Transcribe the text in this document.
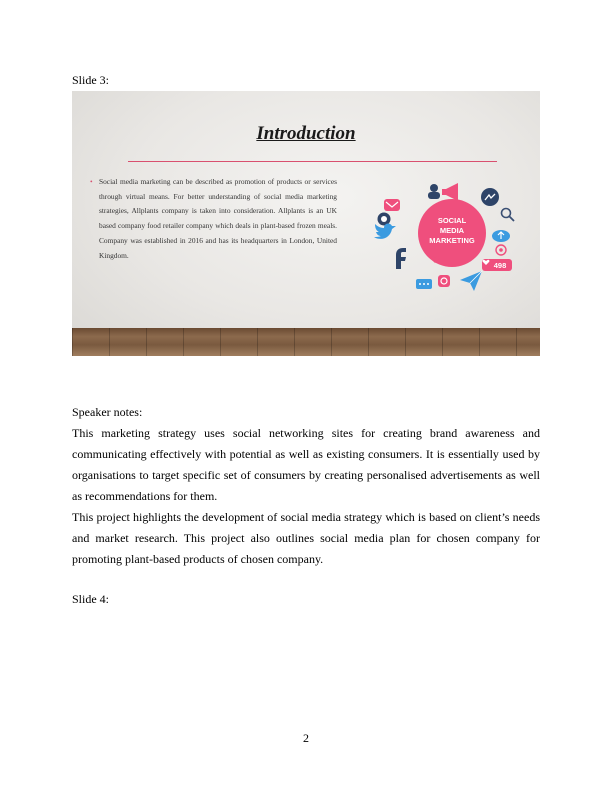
Slide 3:

Introduction

• Social media marketing can be described as promotion of products or services through virtual means. For better understanding of social media marketing strategies, Allplants company is taken into consideration. Allplants is an UK based company food retailer company which deals in plant-based frozen meals. Company was established in 2016 and has its headquarters in London, United Kingdom.

SOCIAL
MEDIA
MARKETING
498

Speaker notes:

This marketing strategy uses social networking sites for creating brand awareness and communicating effectively with potential as well as existing consumers. It is essentially used by organisations to target specific set of consumers by creating personalised advertisements as well as recommendations for them.

This project highlights the development of social media strategy which is based on client’s needs and market research. This project also outlines social media plan for chosen company for promoting plant-based products of chosen company.

Slide 4:

2
